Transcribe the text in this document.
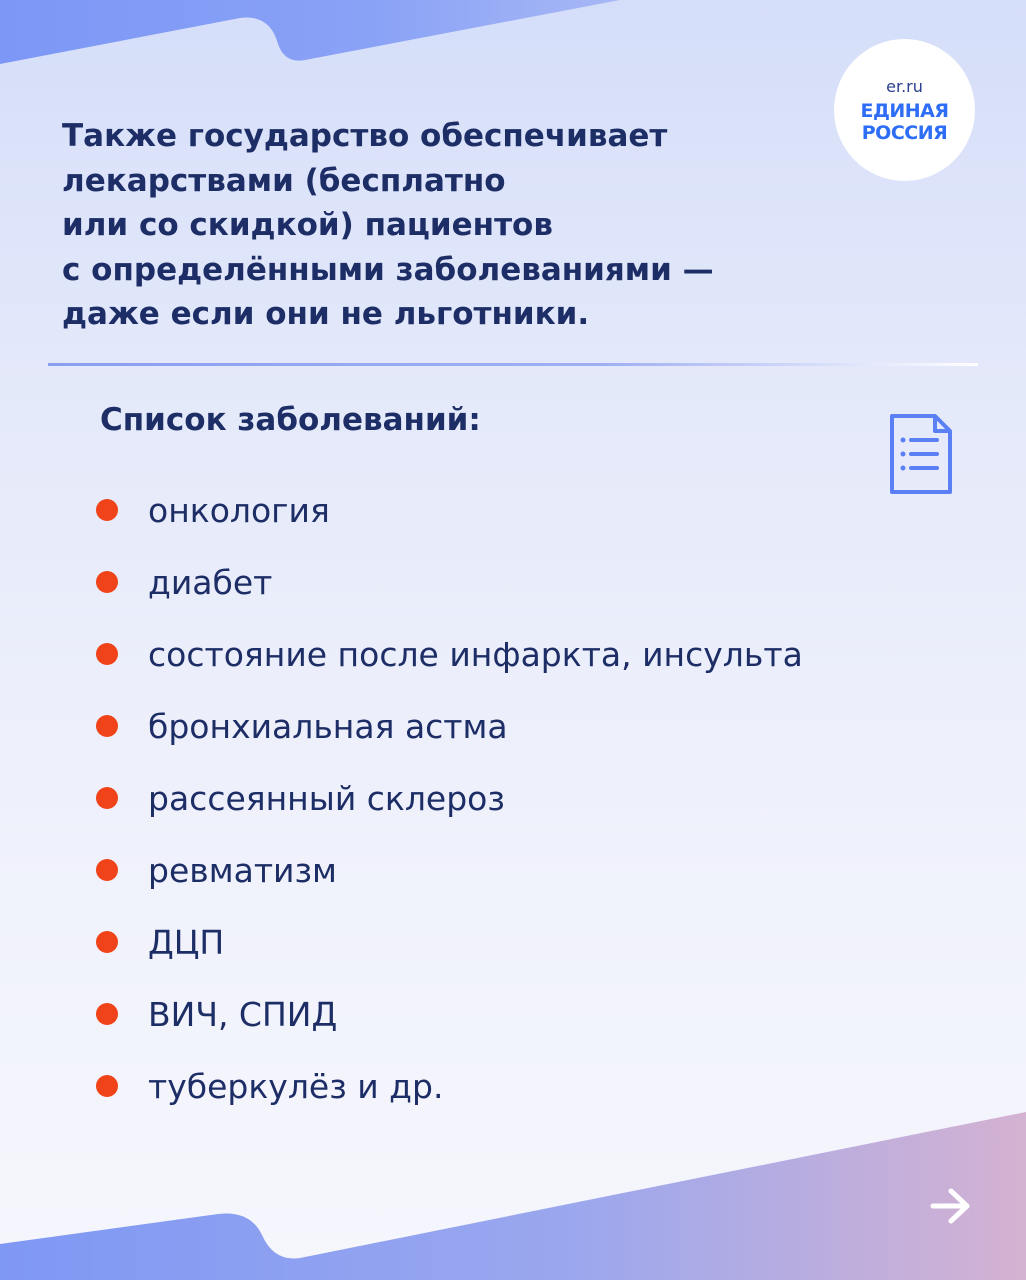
er.ru
ЕДИНАЯ
РОССИЯ
Также государство обеспечивает
лекарствами (бесплатно
или со скидкой) пациентов
с определёнными заболеваниями —
даже если они не льготники.
Список заболеваний:
онкология
диабет
состояние после инфаркта, инсульта
бронхиальная астма
рассеянный склероз
ревматизм
ДЦП
ВИЧ, СПИД
туберкулёз и др.
